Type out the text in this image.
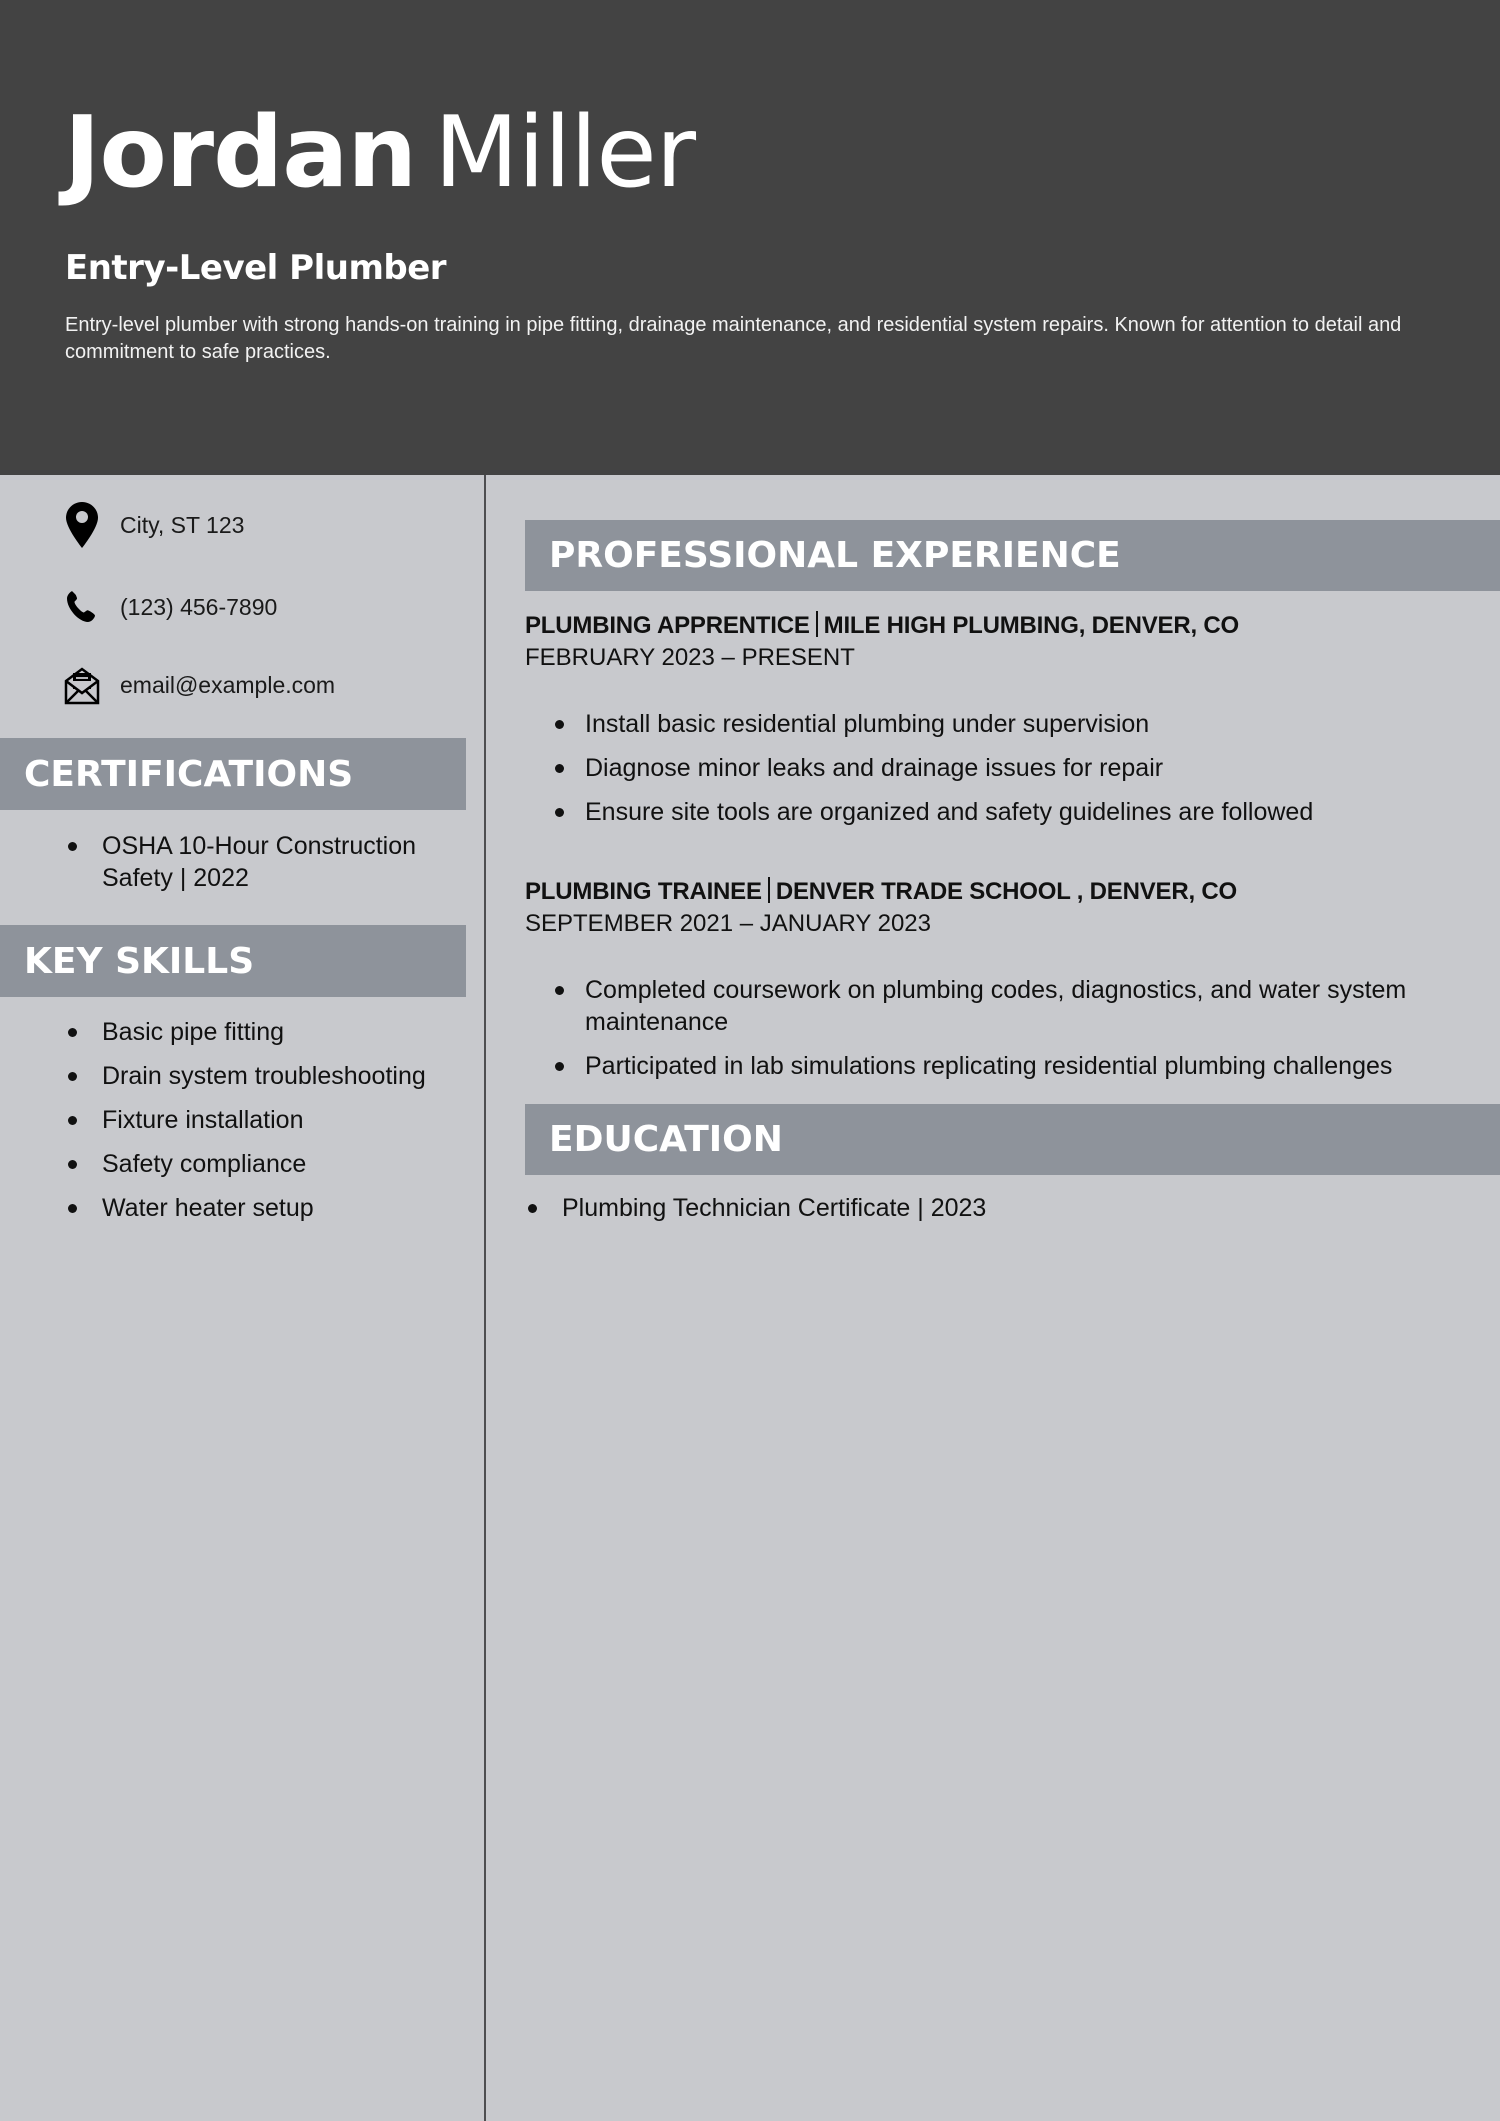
Jordan Miller
Entry-Level Plumber

Entry-level plumber with strong hands-on training in pipe fitting, drainage maintenance, and residential system repairs. Known for attention to detail and commitment to safe practices.

City, ST 123
(123) 456-7890
email@example.com
CERTIFICATIONS
OSHA 10-Hour Construction Safety | 2022
KEY SKILLS
Basic pipe fitting
Drain system troubleshooting
Fixture installation
Safety compliance
Water heater setup
PROFESSIONAL EXPERIENCE
PLUMBING APPRENTICE MILE HIGH PLUMBING, DENVER, CO
FEBRUARY 2023 – PRESENT
Install basic residential plumbing under supervision
Diagnose minor leaks and drainage issues for repair
Ensure site tools are organized and safety guidelines are followed
PLUMBING TRAINEE DENVER TRADE SCHOOL , DENVER, CO
SEPTEMBER 2021 – JANUARY 2023
Completed coursework on plumbing codes, diagnostics, and water system maintenance
Participated in lab simulations replicating residential plumbing challenges
EDUCATION
Plumbing Technician Certificate | 2023
